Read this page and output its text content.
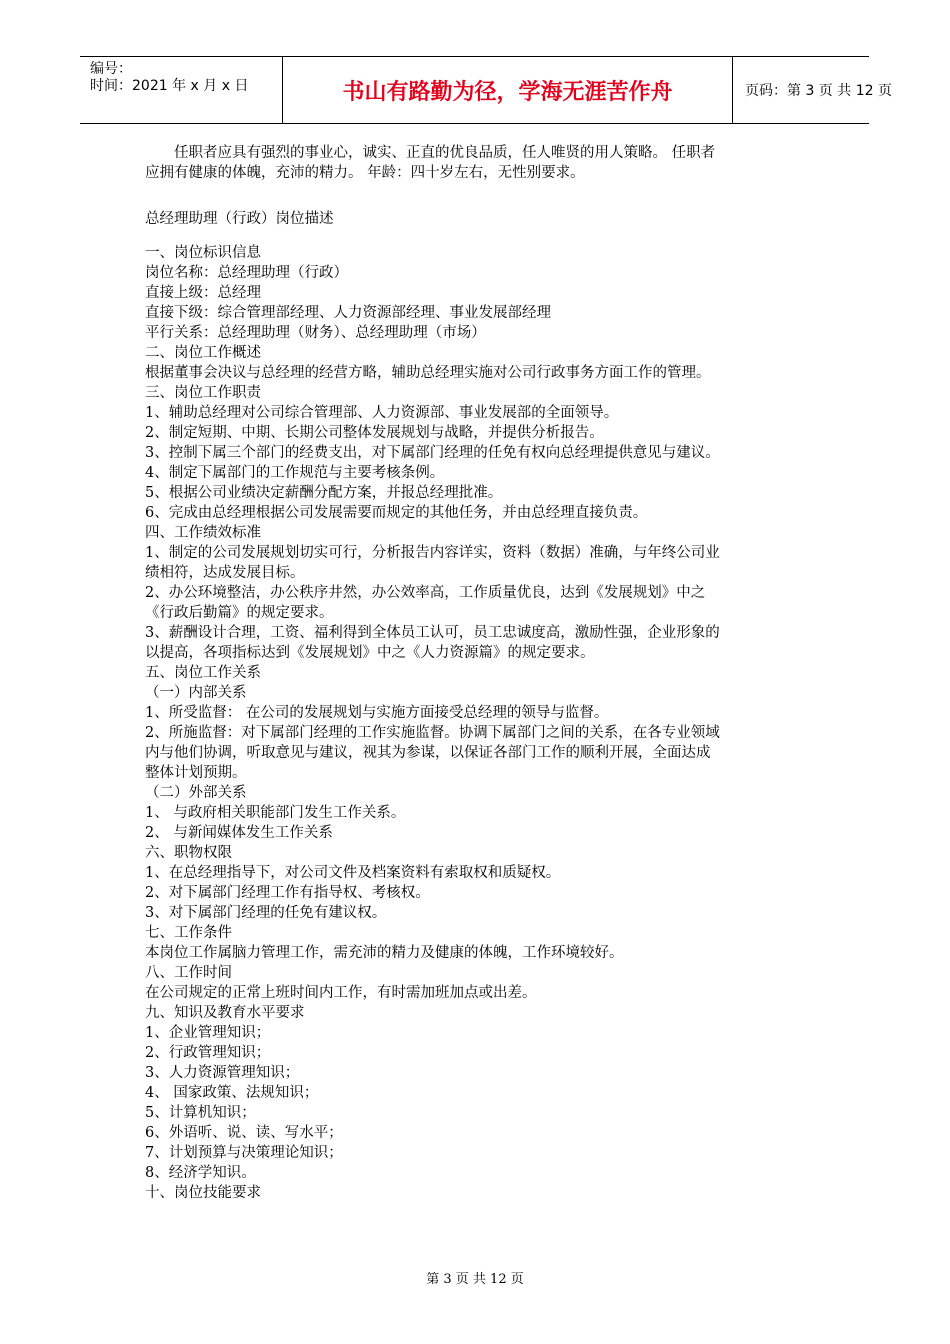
编号：
时间：2021 年 x 月 x 日	书山有路勤为径，学海无涯苦作舟	页码：第 3 页 共 12 页
任职者应具有强烈的事业心，诚实、正直的优良品质，任人唯贤的用人策略。 任职者
应拥有健康的体魄，充沛的精力。 年龄：四十岁左右，无性别要求。
总经理助理（行政）岗位描述
一、岗位标识信息
岗位名称：总经理助理（行政）
直接上级：总经理
直接下级：综合管理部经理、人力资源部经理、事业发展部经理
平行关系：总经理助理（财务）、总经理助理（市场）
二、岗位工作概述
根据董事会决议与总经理的经营方略，辅助总经理实施对公司行政事务方面工作的管理。
三、岗位工作职责
1、辅助总经理对公司综合管理部、人力资源部、事业发展部的全面领导。
2、制定短期、中期、长期公司整体发展规划与战略，并提供分析报告。
3、控制下属三个部门的经费支出，对下属部门经理的任免有权向总经理提供意见与建议。
4、制定下属部门的工作规范与主要考核条例。
5、根据公司业绩决定薪酬分配方案，并报总经理批准。
6、完成由总经理根据公司发展需要而规定的其他任务，并由总经理直接负责。
四、工作绩效标准
1、制定的公司发展规划切实可行，分析报告内容详实，资料（数据）准确，与年终公司业
绩相符，达成发展目标。
2、办公环境整洁，办公秩序井然，办公效率高，工作质量优良，达到《发展规划》中之
《行政后勤篇》的规定要求。
3、薪酬设计合理，工资、福利得到全体员工认可，员工忠诚度高，激励性强，企业形象的
以提高，各项指标达到《发展规划》中之《人力资源篇》的规定要求。
五、岗位工作关系
（一）内部关系
1、所受监督： 在公司的发展规划与实施方面接受总经理的领导与监督。
2、所施监督：对下属部门经理的工作实施监督。协调下属部门之间的关系，在各专业领域
内与他们协调，听取意见与建议，视其为参谋，以保证各部门工作的顺利开展，全面达成
整体计划预期。
（二）外部关系
1、 与政府相关职能部门发生工作关系。
2、 与新闻媒体发生工作关系
六、职物权限
1、在总经理指导下，对公司文件及档案资料有索取权和质疑权。
2、对下属部门经理工作有指导权、考核权。
3、对下属部门经理的任免有建议权。
七、工作条件
本岗位工作属脑力管理工作，需充沛的精力及健康的体魄，工作环境较好。
八、工作时间
在公司规定的正常上班时间内工作，有时需加班加点或出差。
九、知识及教育水平要求
1、企业管理知识；
2、行政管理知识；
3、人力资源管理知识；
4、 国家政策、法规知识；
5、计算机知识；
6、外语听、说、读、写水平；
7、计划预算与决策理论知识；
8、经济学知识。
十、岗位技能要求
第 3 页 共 12 页
